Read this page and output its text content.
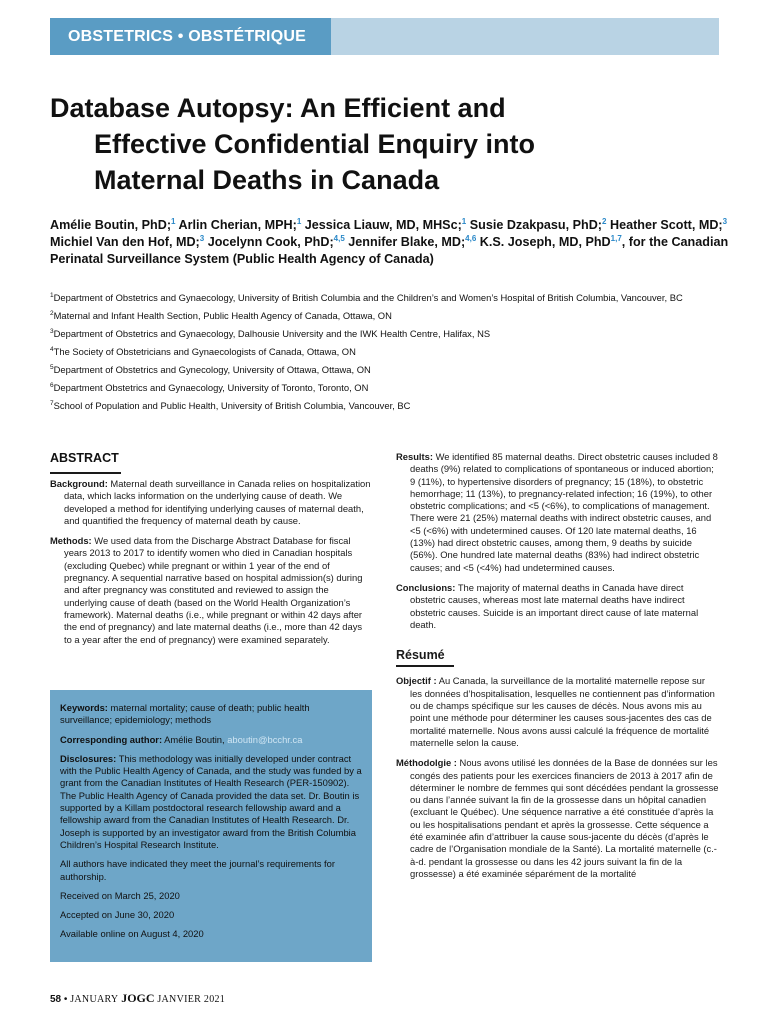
OBSTETRICS • OBSTÉTRIQUE
Database Autopsy: An Efficient and
Effective Confidential Enquiry into
Maternal Deaths in Canada
Amélie Boutin, PhD;$^1$ Arlin Cherian, MPH;$^1$ Jessica Liauw, MD, MHSc;$^1$ Susie Dzakpasu, PhD;$^2$ Heather Scott, MD;$^3$ Michiel Van den Hof, MD;$^3$ Jocelynn Cook, PhD;$^{4,5}$ Jennifer Blake, MD;$^{4,6}$ K.S. Joseph, MD, PhD$^{1,7}$, for the Canadian Perinatal Surveillance System (Public Health Agency of Canada)
$^1$Department of Obstetrics and Gynaecology, University of British Columbia and the Children’s and Women’s Hospital of British Columbia, Vancouver, BC
$^2$Maternal and Infant Health Section, Public Health Agency of Canada, Ottawa, ON
$^3$Department of Obstetrics and Gynaecology, Dalhousie University and the IWK Health Centre, Halifax, NS
$^4$The Society of Obstetricians and Gynaecologists of Canada, Ottawa, ON
$^5$Department of Obstetrics and Gynecology, University of Ottawa, Ottawa, ON
$^6$Department Obstetrics and Gynaecology, University of Toronto, Toronto, ON
$^7$School of Population and Public Health, University of British Columbia, Vancouver, BC
ABSTRACT

Background: Maternal death surveillance in Canada relies on hospitalization data, which lacks information on the underlying cause of death. We developed a method for identifying underlying causes of maternal death, and quantified the frequency of maternal death by cause.

Methods: We used data from the Discharge Abstract Database for fiscal years 2013 to 2017 to identify women who died in Canadian hospitals (excluding Quebec) while pregnant or within 1 year of the end of pregnancy. A sequential narrative based on hospital admission(s) during and after pregnancy was constituted and reviewed to assign the underlying cause of death (based on the World Health Organization’s framework). Maternal deaths (i.e., while pregnant or within 42 days after the end of pregnancy) and late maternal deaths (i.e., more than 42 days to a year after the end of pregnancy) were examined separately.

Keywords: maternal mortality; cause of death; public health surveillance; epidemiology; methods

Corresponding author: Amélie Boutin, aboutin@bcchr.ca

Disclosures: This methodology was initially developed under contract with the Public Health Agency of Canada, and the study was funded by a grant from the Canadian Institutes of Health Research (PER-150902). The Public Health Agency of Canada provided the data set. Dr. Boutin is supported by a Killam postdoctoral research fellowship award and a fellowship award from the Canadian Institutes of Health Research. Dr. Joseph is supported by an investigator award from the British Columbia Children’s Hospital Research Institute.

All authors have indicated they meet the journal’s requirements for authorship.

Received on March 25, 2020

Accepted on June 30, 2020

Available online on August 4, 2020

Results: We identified 85 maternal deaths. Direct obstetric causes included 8 deaths (9%) related to complications of spontaneous or induced abortion; 9 (11%), to hypertensive disorders of pregnancy; 15 (18%), to obstetric hemorrhage; 11 (13%), to pregnancy-related infection; 16 (19%), to other obstetric complications; and <5 (<6%), to complications of management. There were 21 (25%) maternal deaths with indirect obstetric causes, and <5 (<6%) with undetermined causes. Of 120 late maternal deaths, 16 (13%) had direct obstetric causes, among them, 9 deaths by suicide (56%). One hundred late maternal deaths (83%) had indirect obstetric causes; and <5 (<4%) had undetermined causes.

Conclusions: The majority of maternal deaths in Canada have direct obstetric causes, whereas most late maternal deaths have indirect obstetric causes. Suicide is an important direct cause of late maternal death.

Résumé

Objectif : Au Canada, la surveillance de la mortalité maternelle repose sur les données d’hospitalisation, lesquelles ne contiennent pas d’information ou de champs spécifique sur les causes de décès. Nous avons mis au point une méthode pour déterminer les causes sous-jacentes des cas de mortalité maternelle. Nous avons aussi calculé la fréquence de mortalité maternelle selon la cause.

Méthodolgie : Nous avons utilisé les données de la Base de données sur les congés des patients pour les exercices financiers de 2013 à 2017 afin de déterminer le nombre de femmes qui sont décédées pendant la grossesse ou dans l’année suivant la fin de la grossesse dans un hôpital canadien (excluant le Québec). Une séquence narrative a été constituée d’après la ou les hospitalisations pendant et après la grossesse. Cette séquence a été examinée afin d’attribuer la cause sous-jacente du décès (d’après le cadre de l’Organisation mondiale de la Santé). La mortalité maternelle (c.-à-d. pendant la grossesse ou dans les 42 jours suivant la fin de la grossesse) a été examinée séparément de la mortalité

58 • JANUARY JOGC JANVIER 2021
